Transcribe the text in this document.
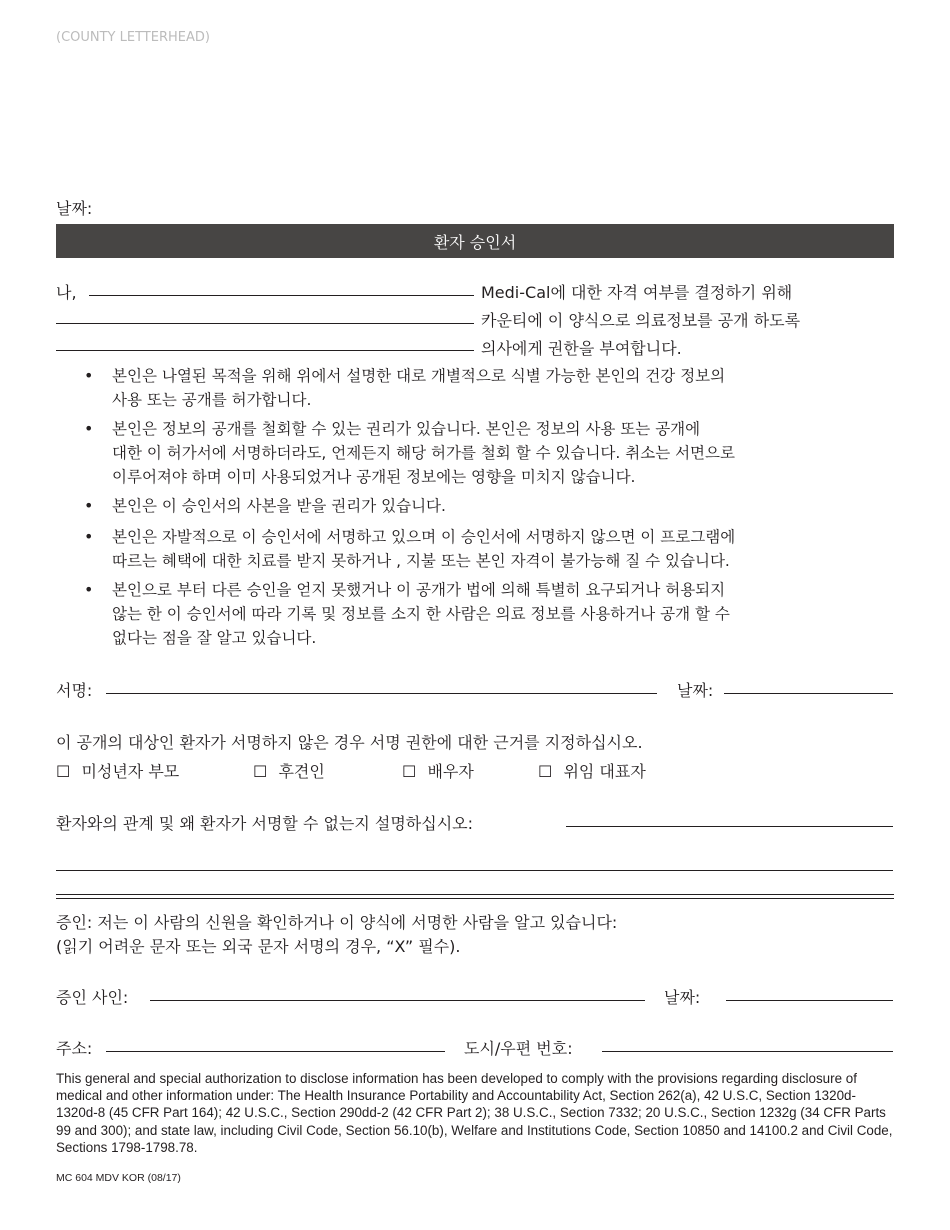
(COUNTY LETTERHEAD)
날짜:
환자 승인서
나,	Medi-Cal에 대한 자격 여부를 결정하기 위해
카운티에 이 양식으로 의료정보를 공개 하도록
의사에게 권한을 부여합니다.
• 본인은 나열된 목적을 위해 위에서 설명한 대로 개별적으로 식별 가능한 본인의 건강 정보의
사용 또는 공개를 허가합니다.
• 본인은 정보의 공개를 철회할 수 있는 권리가 있습니다. 본인은 정보의 사용 또는 공개에
대한 이 허가서에 서명하더라도, 언제든지 해당 허가를 철회 할 수 있습니다. 취소는 서면으로
이루어져야 하며 이미 사용되었거나 공개된 정보에는 영향을 미치지 않습니다.
• 본인은 이 승인서의 사본을 받을 권리가 있습니다.
• 본인은 자발적으로 이 승인서에 서명하고 있으며 이 승인서에 서명하지 않으면 이 프로그램에
따르는 혜택에 대한 치료를 받지 못하거나 , 지불 또는 본인 자격이 불가능해 질 수 있습니다.
• 본인으로 부터 다른 승인을 얻지 못했거나 이 공개가 법에 의해 특별히 요구되거나 허용되지
않는 한 이 승인서에 따라 기록 및 정보를 소지 한 사람은 의료 정보를 사용하거나 공개 할 수
없다는 점을 잘 알고 있습니다.
서명:	날짜:
이 공개의 대상인 환자가 서명하지 않은 경우 서명 권한에 대한 근거를 지정하십시오.
☐ 미성년자 부모	☐ 후견인	☐ 배우자	☐ 위임 대표자
환자와의 관계 및 왜 환자가 서명할 수 없는지 설명하십시오:
증인: 저는 이 사람의 신원을 확인하거나 이 양식에 서명한 사람을 알고 있습니다:
(읽기 어려운 문자 또는 외국 문자 서명의 경우, “X” 필수).
증인 사인:	날짜:
주소:	도시/우편 번호:
This general and special authorization to disclose information has been developed to comply with the provisions regarding disclosure of medical and other information under: The Health Insurance Portability and Accountability Act, Section 262(a), 42 U.S.C, Section 1320d-1320d-8 (45 CFR Part 164); 42 U.S.C., Section 290dd-2 (42 CFR Part 2); 38 U.S.C., Section 7332; 20 U.S.C., Section 1232g (34 CFR Parts 99 and 300); and state law, including Civil Code, Section 56.10(b), Welfare and Institutions Code, Section 10850 and 14100.2 and Civil Code, Sections 1798-1798.78.
MC 604 MDV KOR (08/17)
